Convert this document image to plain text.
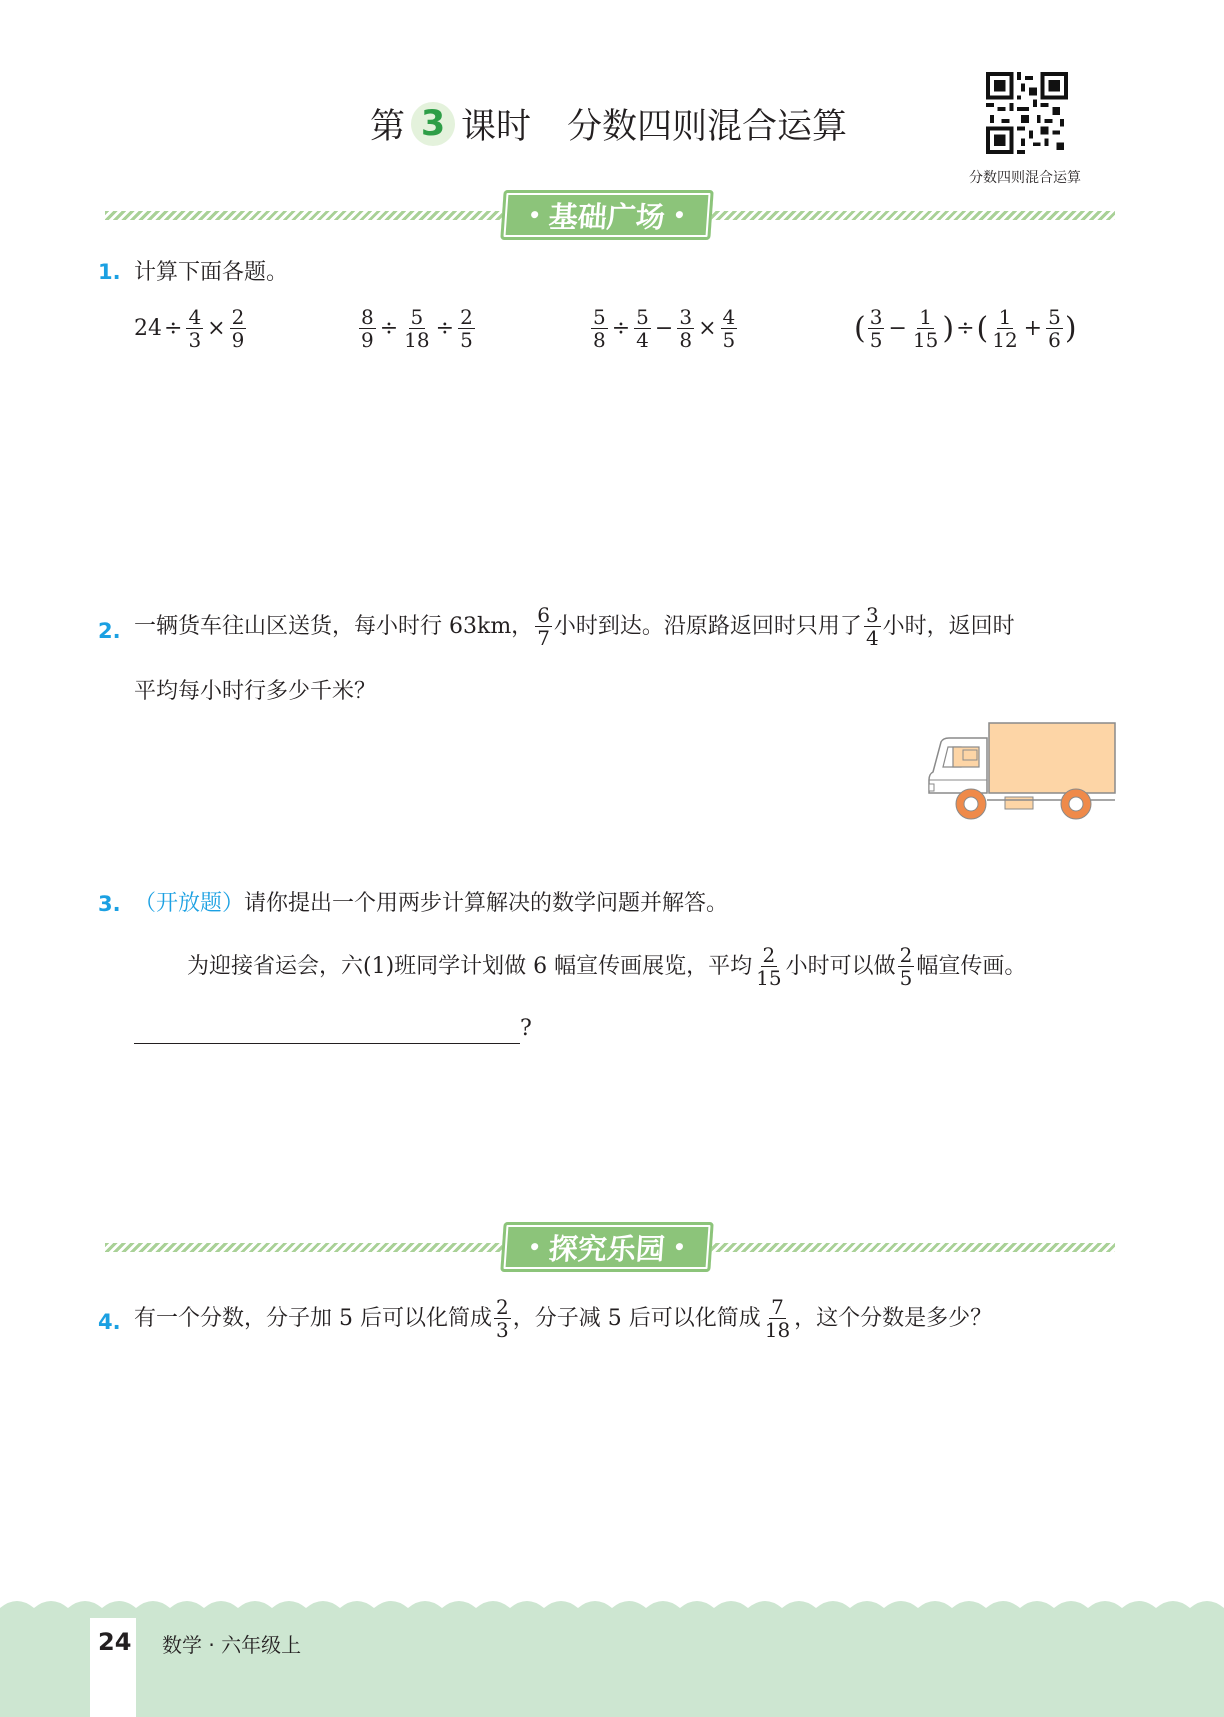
第 3 课时 分数四则混合运算
分数四则混合运算
• 基础广场 •
1. 计算下面各题。
$24 \div \frac{4}{3} \times \frac{2}{9}$	$\frac{8}{9} \div \frac{5}{18} \div \frac{2}{5}$	$\frac{5}{8} \div \frac{5}{4} - \frac{3}{8} \times \frac{4}{5}$	( $\frac{3}{5} - \frac{1}{15}$ ) ÷ ( $\frac{1}{12} + \frac{5}{6}$ )
2. 一辆货车往山区送货，每小时行 63km， $\frac{6}{7}$ 小时到达。沿原路返回时只用了 $\frac{3}{4}$ 小时，返回时
平均每小时行多少千米？
3. （开放题）请你提出一个用两步计算解决的数学问题并解答。
为迎接省运会，六(1)班同学计划做 6 幅宣传画展览，平均 $\frac{2}{15}$ 小时可以做 $\frac{2}{5}$ 幅宣传画。
?
• 探究乐园 •
4. 有一个分数，分子加 5 后可以化简成 $\frac{2}{3}$ ，分子减 5 后可以化简成 $\frac{7}{18}$ ，这个分数是多少？
24 数学 · 六年级上
